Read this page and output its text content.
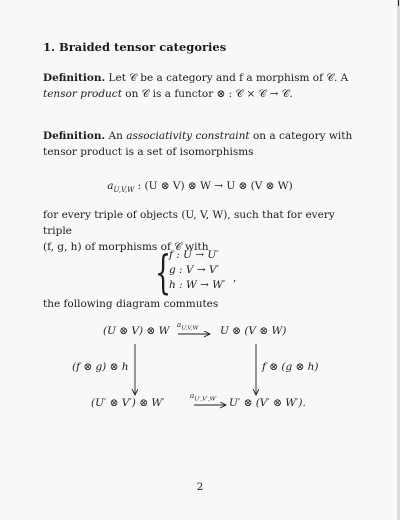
1. Braided tensor categories
Definition. Let 𝒞 be a category and f a morphism of 𝒞. A
tensor product on 𝒞 is a functor ⊗ : 𝒞 × 𝒞 → 𝒞.
Definition. An associativity constraint on a category with
tensor product is a set of isomorphisms
$a_{U,V,W}$ : (U ⊗ V) ⊗ W → U ⊗ (V ⊗ W)
for every triple of objects (U, V, W), such that for every triple
(f, g, h) of morphisms of 𝒞 with
{
f : U → U′
g : V → V′
h : W → W′
,
the following diagram commutes
(U ⊗ V) ⊗ W $a_{U,V,W}$ U ⊗ (V ⊗ W)
(f ⊗ g) ⊗ h	f ⊗ (g ⊗ h)
(U′ ⊗ V′) ⊗ W′
$a_{U',V',W'}$ U′ ⊗ (V′ ⊗ W′).
2
